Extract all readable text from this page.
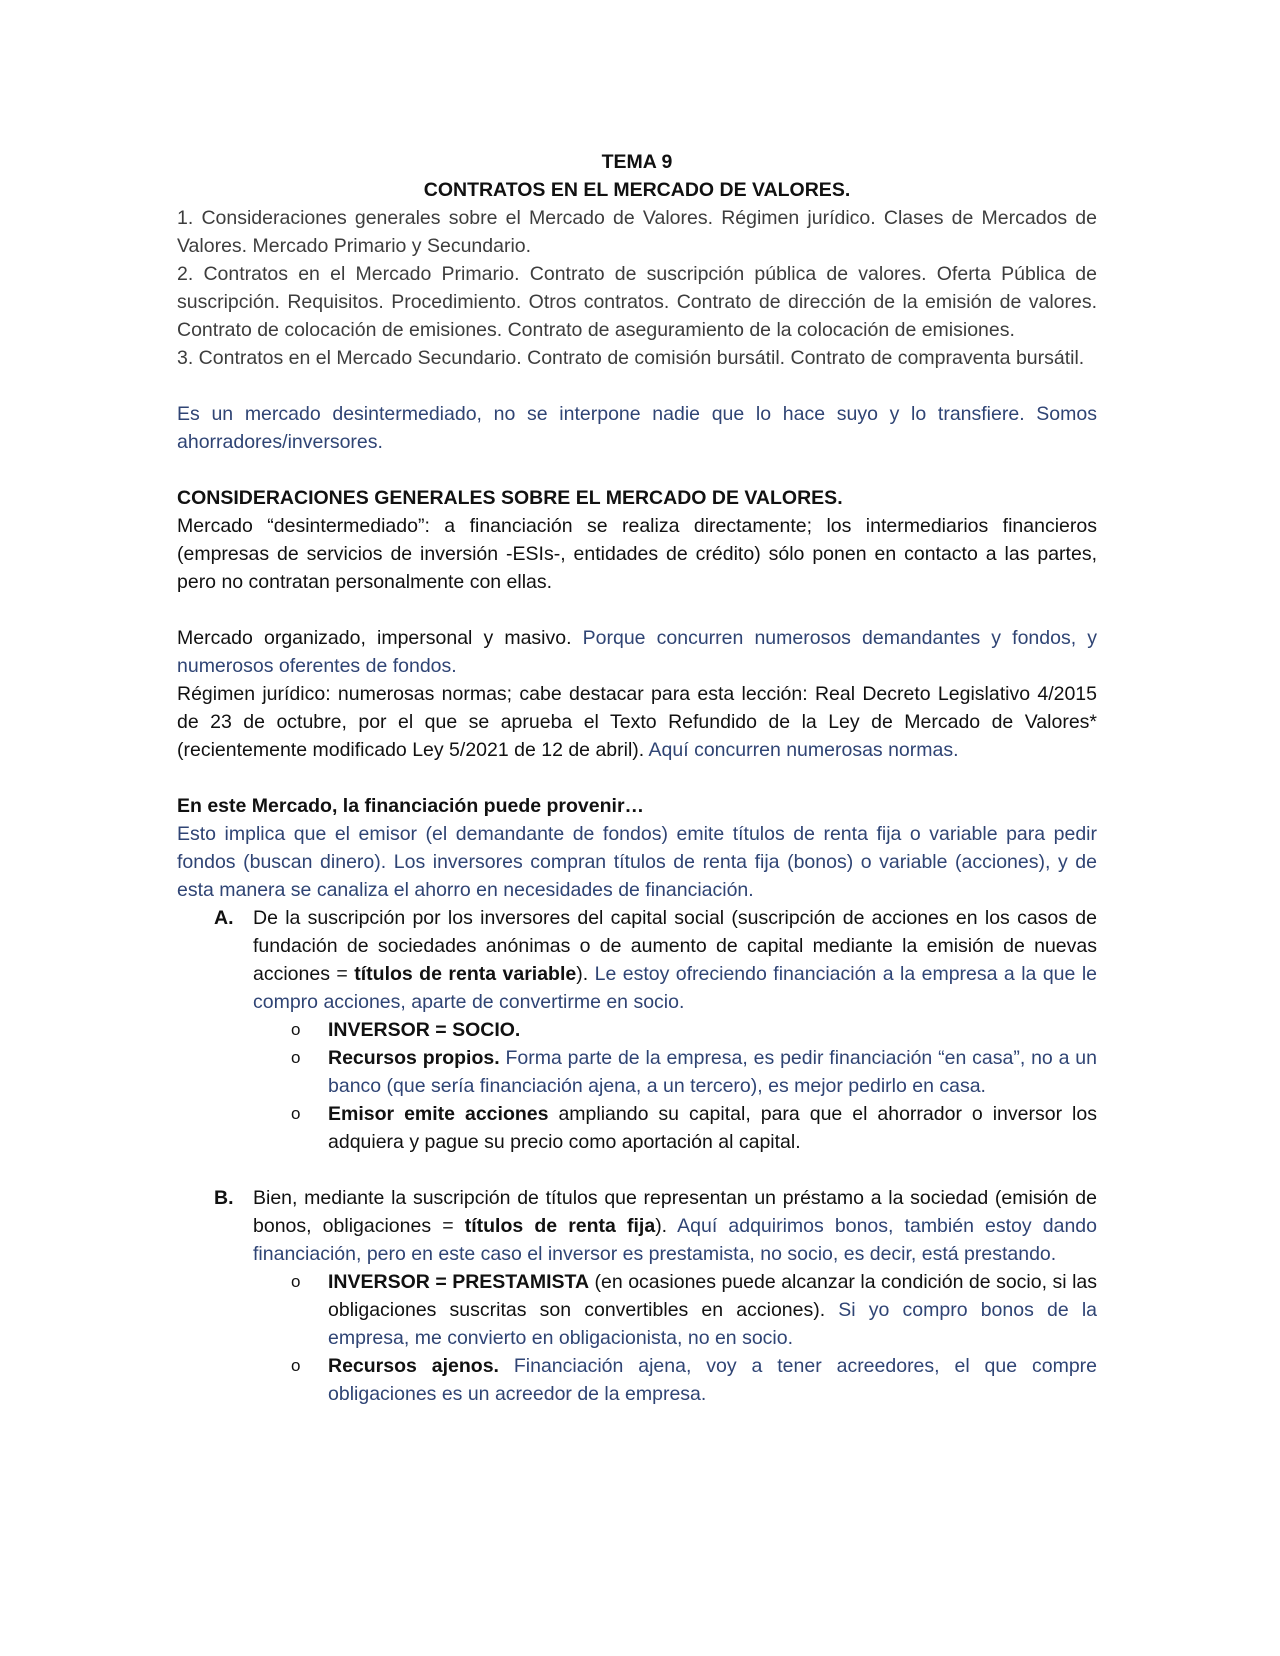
TEMA 9

CONTRATOS EN EL MERCADO DE VALORES.

1. Consideraciones generales sobre el Mercado de Valores. Régimen jurídico. Clases de Mercados de Valores. Mercado Primario y Secundario.

2. Contratos en el Mercado Primario. Contrato de suscripción pública de valores. Oferta Pública de suscripción. Requisitos. Procedimiento. Otros contratos. Contrato de dirección de la emisión de valores. Contrato de colocación de emisiones. Contrato de aseguramiento de la colocación de emisiones.

3. Contratos en el Mercado Secundario. Contrato de comisión bursátil. Contrato de compraventa bursátil.

Es un mercado desintermediado, no se interpone nadie que lo hace suyo y lo transfiere. Somos ahorradores/inversores.

CONSIDERACIONES GENERALES SOBRE EL MERCADO DE VALORES.

Mercado “desintermediado”: a financiación se realiza directamente; los intermediarios financieros (empresas de servicios de inversión -ESIs-, entidades de crédito) sólo ponen en contacto a las partes, pero no contratan personalmente con ellas.

Mercado organizado, impersonal y masivo. Porque concurren numerosos demandantes y fondos, y numerosos oferentes de fondos.

Régimen jurídico: numerosas normas; cabe destacar para esta lección: Real Decreto Legislativo 4/2015 de 23 de octubre, por el que se aprueba el Texto Refundido de la Ley de Mercado de Valores* (recientemente modificado Ley 5/2021 de 12 de abril). Aquí concurren numerosas normas.

En este Mercado, la financiación puede provenir…

Esto implica que el emisor (el demandante de fondos) emite títulos de renta fija o variable para pedir fondos (buscan dinero). Los inversores compran títulos de renta fija (bonos) o variable (acciones), y de esta manera se canaliza el ahorro en necesidades de financiación.

A. De la suscripción por los inversores del capital social (suscripción de acciones en los casos de fundación de sociedades anónimas o de aumento de capital mediante la emisión de nuevas acciones = títulos de renta variable). Le estoy ofreciendo financiación a la empresa a la que le compro acciones, aparte de convertirme en socio.
o INVERSOR = SOCIO.
o Recursos propios. Forma parte de la empresa, es pedir financiación “en casa”, no a un banco (que sería financiación ajena, a un tercero), es mejor pedirlo en casa.
o Emisor emite acciones ampliando su capital, para que el ahorrador o inversor los adquiera y pague su precio como aportación al capital.
B. Bien, mediante la suscripción de títulos que representan un préstamo a la sociedad (emisión de bonos, obligaciones = títulos de renta fija). Aquí adquirimos bonos, también estoy dando financiación, pero en este caso el inversor es prestamista, no socio, es decir, está prestando.
o INVERSOR = PRESTAMISTA (en ocasiones puede alcanzar la condición de socio, si las obligaciones suscritas son convertibles en acciones). Si yo compro bonos de la empresa, me convierto en obligacionista, no en socio.
o Recursos ajenos. Financiación ajena, voy a tener acreedores, el que compre obligaciones es un acreedor de la empresa.
